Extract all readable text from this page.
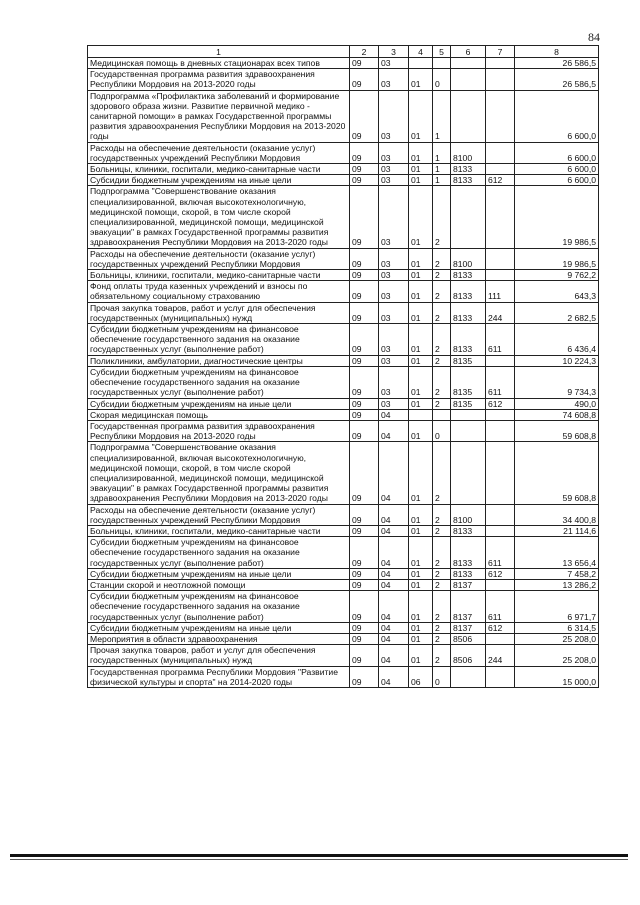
84
1	2	3	4	5	6	7	8
Медицинская помощь в дневных стационарах всех типов	09	03					26 586,5
Государственная программа развития здравоохранения Республики Мордовия на 2013-2020 годы	09	03	01	0			26 586,5
Подпрограмма «Профилактика заболеваний и формирование здорового образа жизни. Развитие первичной медико - санитарной помощи» в рамках Государственной программы развития здравоохранения Республики Мордовия на 2013-2020 годы	09	03	01	1			6 600,0
Расходы на обеспечение деятельности (оказание услуг) государственных учреждений Республики Мордовия	09	03	01	1	8100		6 600,0
Больницы, клиники, госпитали, медико-санитарные части	09	03	01	1	8133		6 600,0
Субсидии бюджетным учреждениям на иные цели	09	03	01	1	8133	612	6 600,0
Подпрограмма "Совершенствование оказания специализированной, включая высокотехнологичную, медицинской помощи, скорой, в том числе скорой специализированной, медицинской помощи, медицинской эвакуации" в рамках Государственной программы развития здравоохранения Республики Мордовия на 2013-2020 годы	09	03	01	2			19 986,5
Расходы на обеспечение деятельности (оказание услуг) государственных учреждений Республики Мордовия	09	03	01	2	8100		19 986,5
Больницы, клиники, госпитали, медико-санитарные части	09	03	01	2	8133		9 762,2
Фонд оплаты труда казенных учреждений и взносы по обязательному социальному страхованию	09	03	01	2	8133	111	643,3
Прочая закупка товаров, работ и услуг для обеспечения государственных (муниципальных) нужд	09	03	01	2	8133	244	2 682,5
Субсидии бюджетным учреждениям на финансовое обеспечение государственного задания на оказание государственных услуг (выполнение работ)	09	03	01	2	8133	611	6 436,4
Поликлиники, амбулатории, диагностические центры	09	03	01	2	8135		10 224,3
Субсидии бюджетным учреждениям на финансовое обеспечение государственного задания на оказание государственных услуг (выполнение работ)	09	03	01	2	8135	611	9 734,3
Субсидии бюджетным учреждениям на иные цели	09	03	01	2	8135	612	490,0
Скорая медицинская помощь	09	04					74 608,8
Государственная программа развития здравоохранения Республики Мордовия на 2013-2020 годы	09	04	01	0			59 608,8
Подпрограмма "Совершенствование оказания специализированной, включая высокотехнологичную, медицинской помощи, скорой, в том числе скорой специализированной, медицинской помощи, медицинской эвакуации" в рамках Государственной программы развития здравоохранения Республики Мордовия на 2013-2020 годы	09	04	01	2			59 608,8
Расходы на обеспечение деятельности (оказание услуг) государственных учреждений Республики Мордовия	09	04	01	2	8100		34 400,8
Больницы, клиники, госпитали, медико-санитарные части	09	04	01	2	8133		21 114,6
Субсидии бюджетным учреждениям на финансовое обеспечение государственного задания на оказание государственных услуг (выполнение работ)	09	04	01	2	8133	611	13 656,4
Субсидии бюджетным учреждениям на иные цели	09	04	01	2	8133	612	7 458,2
Станции скорой и неотложной помощи	09	04	01	2	8137		13 286,2
Субсидии бюджетным учреждениям на финансовое обеспечение государственного задания на оказание государственных услуг (выполнение работ)	09	04	01	2	8137	611	6 971,7
Субсидии бюджетным учреждениям на иные цели	09	04	01	2	8137	612	6 314,5
Мероприятия в области здравоохранения	09	04	01	2	8506		25 208,0
Прочая закупка товаров, работ и услуг для обеспечения государственных (муниципальных) нужд	09	04	01	2	8506	244	25 208,0
Государственная программа Республики Мордовия "Развитие физической культуры и спорта" на 2014-2020 годы	09	04	06	0			15 000,0
